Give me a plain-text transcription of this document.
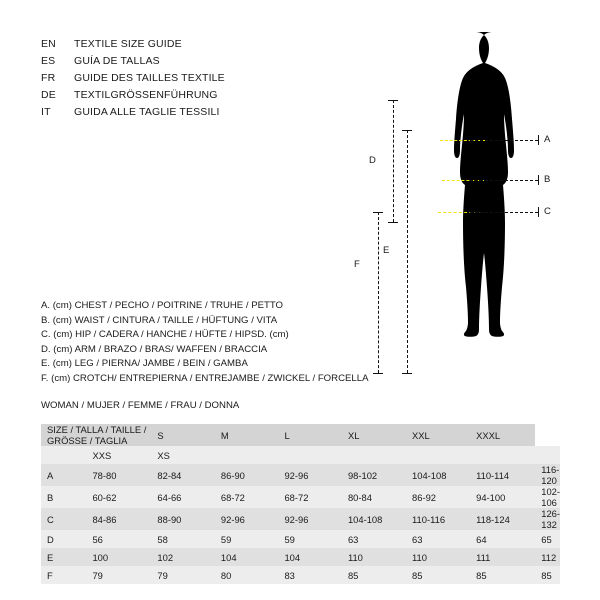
EN	TEXTILE SIZE GUIDE
ES	GUÍA DE TALLAS
FR	GUIDE DES TAILLES TEXTILE
DE	TEXTILGRÖSSENFÜHRUNG
IT	GUIDA ALLE TAGLIE TESSILI
A. (cm) CHEST / PECHO / POITRINE / TRUHE / PETTO
B. (cm) WAIST / CINTURA / TAILLE / HÜFTUNG / VITA
C. (cm) HIP / CADERA / HANCHE / HÜFTE / HIPSD. (cm)
D. (cm) ARM / BRAZO / BRAS/ WAFFEN / BRACCIA
E. (cm) LEG / PIERNA/ JAMBE / BEIN / GAMBA
F. (cm) CROTCH/ ENTREPIERNA / ENTREJAMBE / ZWICKEL / FORCELLA
WOMAN / MUJER / FEMME / FRAU / DONNA
A
B
C
D
E
F
SIZE / TALLA / TAILLE / GRÖSSE / TAGLIA		S	M	L	XL	XXL	XXXL	
	XXS	XS						
A	78-80	82-84	86-90	92-96	98-102	104-108	110-114	116-120
B	60-62	64-66	68-72	68-72	80-84	86-92	94-100	102-106
C	84-86	88-90	92-96	92-96	104-108	110-116	118-124	126-132
D	56	58	59	59	63	63	64	65
E	100	102	104	104	110	110	111	112
F	79	79	80	83	85	85	85	85
